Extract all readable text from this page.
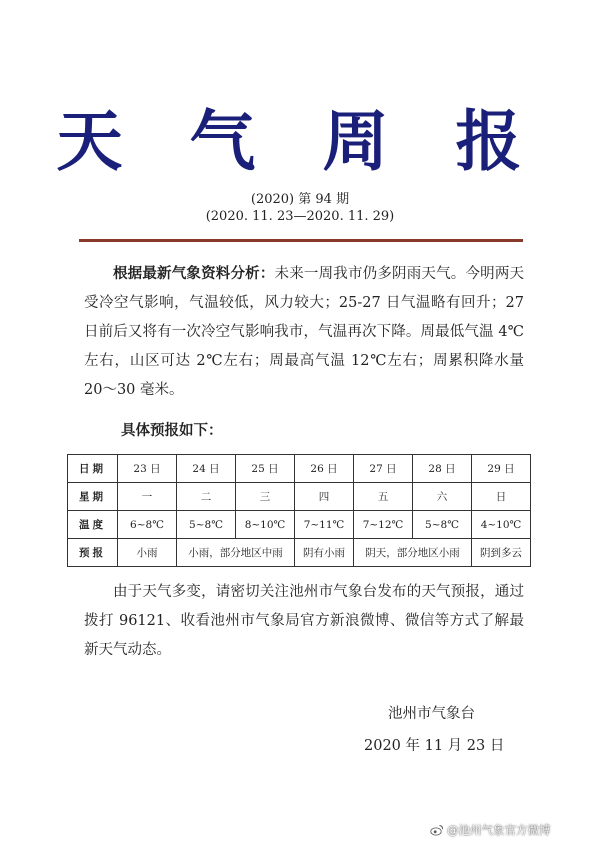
天 气 周 报
(2020) 第 94 期
(2020. 11. 23—2020. 11. 29)
根据最新气象资料分析：未来一周我市仍多阴雨天气。今明两天受冷空气影响，气温较低，风力较大；25-27 日气温略有回升；27 日前后又将有一次冷空气影响我市，气温再次下降。周最低气温 4℃左右，山区可达 2℃左右；周最高气温 12℃左右；周累积降水量 20～30 毫米。
具体预报如下：
日期	23 日	24 日	25 日	26 日	27 日	28 日	29 日
星期	一	二	三	四	五	六	日
温度	6~8℃	5~8℃	8~10℃	7~11℃	7~12℃	5~8℃	4~10℃
预报	小雨	小雨，部分地区中雨		阴有小雨	阴天，部分地区小雨		阴到多云
由于天气多变，请密切关注池州市气象台发布的天气预报，通过拨打 96121、收看池州市气象局官方新浪微博、微信等方式了解最新天气动态。
池州市气象台
2020 年 11 月 23 日
@池州气象官方微博
